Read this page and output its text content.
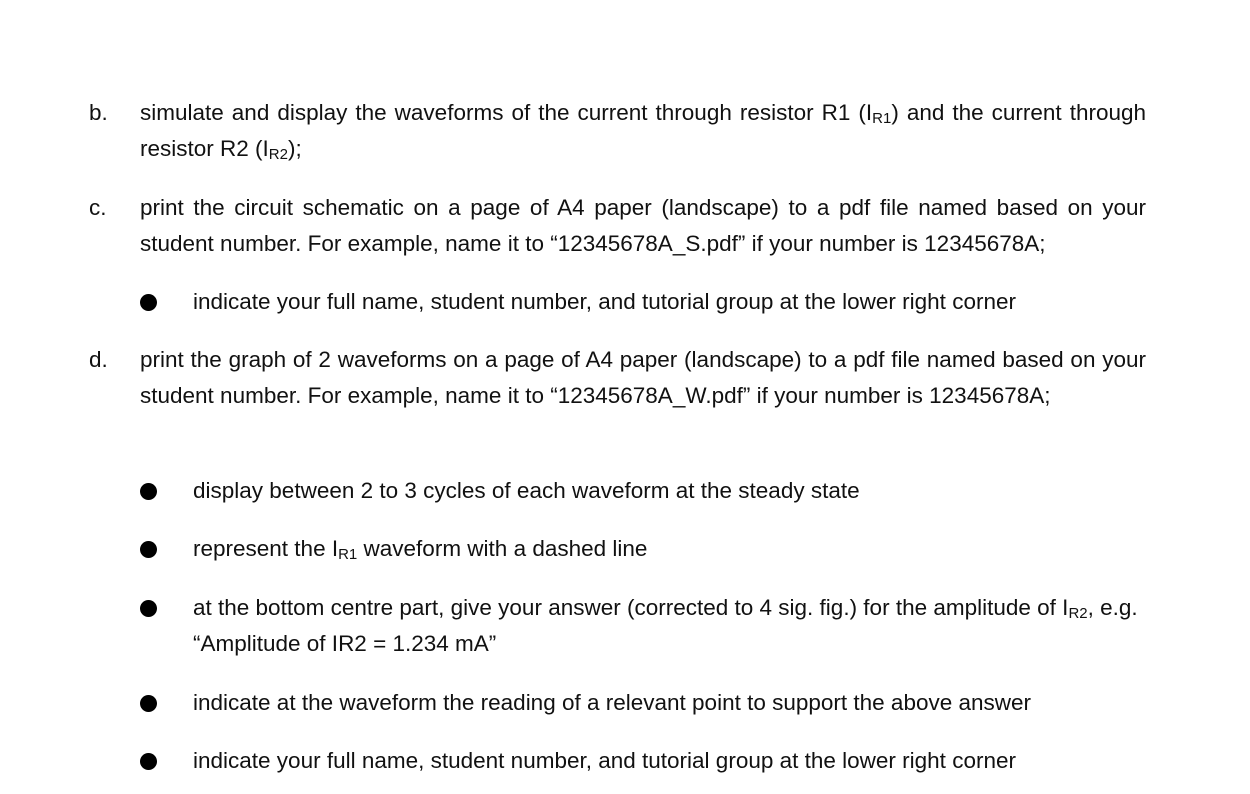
b. simulate and display the waveforms of the current through resistor R1 $(I_{R1})$ and the current through resistor R2 $(I_{R2})$;
c. print the circuit schematic on a page of A4 paper (landscape) to a pdf file named based on your student number. For example, name it to “12345678A_S.pdf” if your number is 12345678A;
indicate your full name, student number, and tutorial group at the lower right corner
d. print the graph of 2 waveforms on a page of A4 paper (landscape) to a pdf file named based on your student number. For example, name it to “12345678A_W.pdf” if your number is 12345678A;
display between 2 to 3 cycles of each waveform at the steady state
represent the $I_{R1}$ waveform with a dashed line
at the bottom centre part, give your answer (corrected to 4 sig. fig.) for the amplitude of $I_{R2}$, e.g. “Amplitude of IR2 = 1.234 mA”
indicate at the waveform the reading of a relevant point to support the above answer
indicate your full name, student number, and tutorial group at the lower right corner
